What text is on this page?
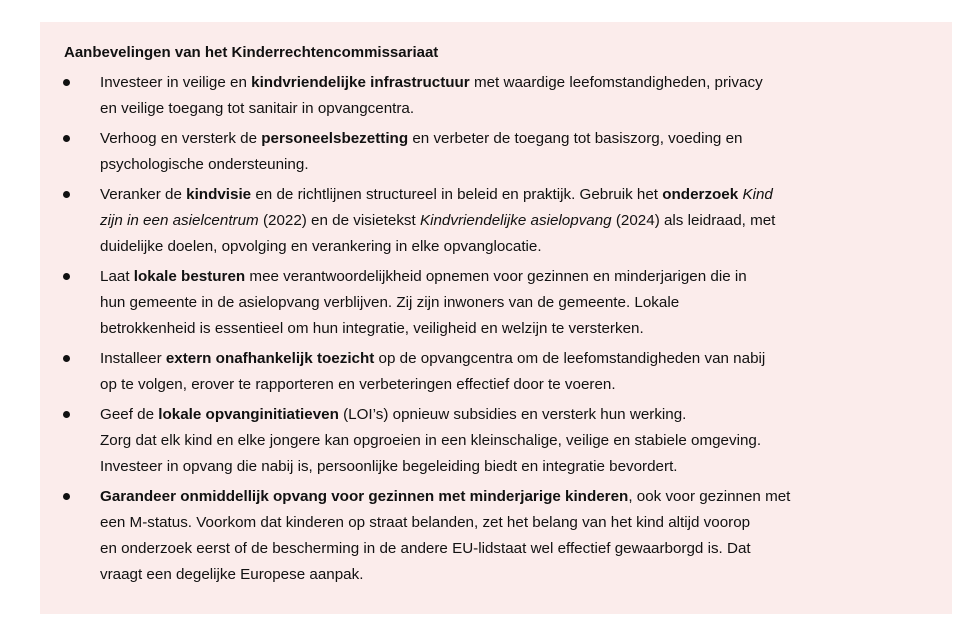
Aanbevelingen van het Kinderrechtencommissariaat
Investeer in veilige en kindvriendelijke infrastructuur met waardige leefomstandigheden, privacy
en veilige toegang tot sanitair in opvangcentra.
Verhoog en versterk de personeelsbezetting en verbeter de toegang tot basiszorg, voeding en
psychologische ondersteuning.
Veranker de kindvisie en de richtlijnen structureel in beleid en praktijk. Gebruik het onderzoek Kind
zijn in een asielcentrum (2022) en de visietekst Kindvriendelijke asielopvang (2024) als leidraad, met
duidelijke doelen, opvolging en verankering in elke opvanglocatie.
Laat lokale besturen mee verantwoordelijkheid opnemen voor gezinnen en minderjarigen die in
hun gemeente in de asielopvang verblijven. Zij zijn inwoners van de gemeente. Lokale
betrokkenheid is essentieel om hun integratie, veiligheid en welzijn te versterken.
Installeer extern onafhankelijk toezicht op de opvangcentra om de leefomstandigheden van nabij
op te volgen, erover te rapporteren en verbeteringen effectief door te voeren.
Geef de lokale opvanginitiatieven (LOI’s) opnieuw subsidies en versterk hun werking.
Zorg dat elk kind en elke jongere kan opgroeien in een kleinschalige, veilige en stabiele omgeving.
Investeer in opvang die nabij is, persoonlijke begeleiding biedt en integratie bevordert.
Garandeer onmiddellijk opvang voor gezinnen met minderjarige kinderen, ook voor gezinnen met
een M-status. Voorkom dat kinderen op straat belanden, zet het belang van het kind altijd voorop
en onderzoek eerst of de bescherming in de andere EU-lidstaat wel effectief gewaarborgd is. Dat
vraagt een degelijke Europese aanpak.
